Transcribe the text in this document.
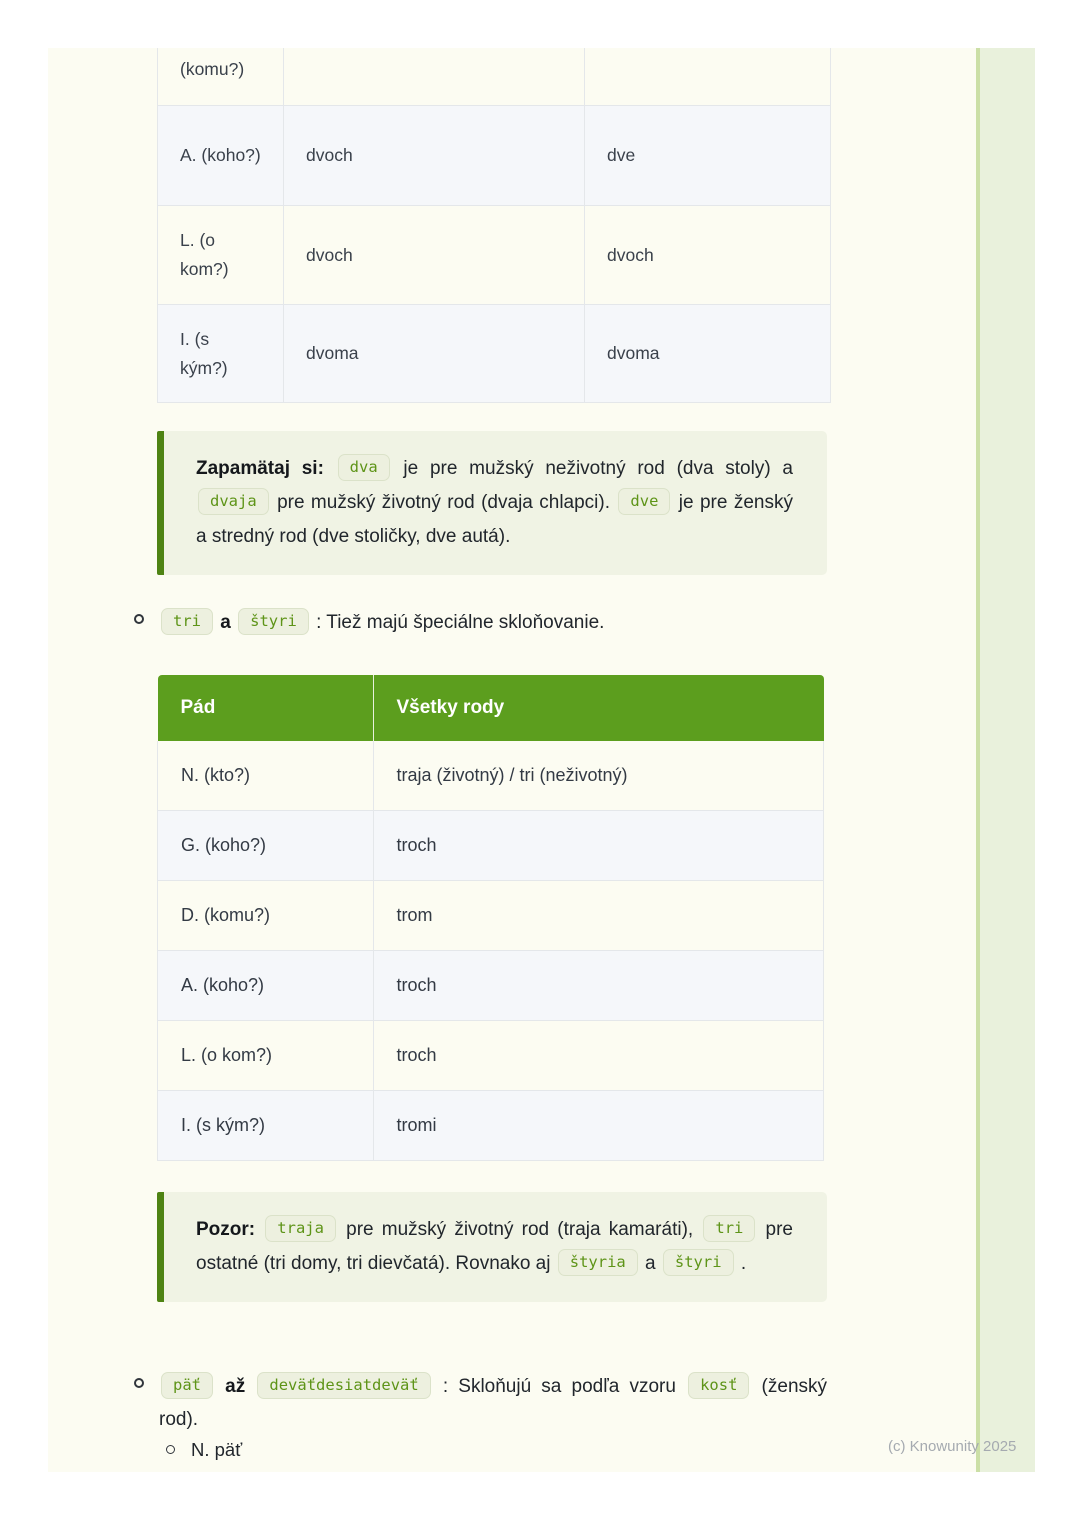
(komu?)		
A. (koho?)	dvoch	dve
L. (o kom?)	dvoch	dvoch
I. (s kým?)	dvoma	dvoma
Zapamätaj si: dva je pre mužský neživotný rod (dva stoly) a dvaja pre mužský životný rod (dvaja chlapci). dve je pre ženský a stredný rod (dve stoličky, dve autá).
tri a štyri : Tiež majú špeciálne skloňovanie.
Pád	Všetky rody
N. (kto?)	traja (životný) / tri (neživotný)
G. (koho?)	troch
D. (komu?)	trom
A. (koho?)	troch
L. (o kom?)	troch
I. (s kým?)	tromi
Pozor: traja pre mužský životný rod (traja kamaráti), tri pre ostatné (tri domy, tri dievčatá). Rovnako aj štyria a štyri .
päť až deväťdesiatdeväť : Skloňujú sa podľa vzoru kosť (ženský rod).
N. päť	(c) Knowunity 2025
